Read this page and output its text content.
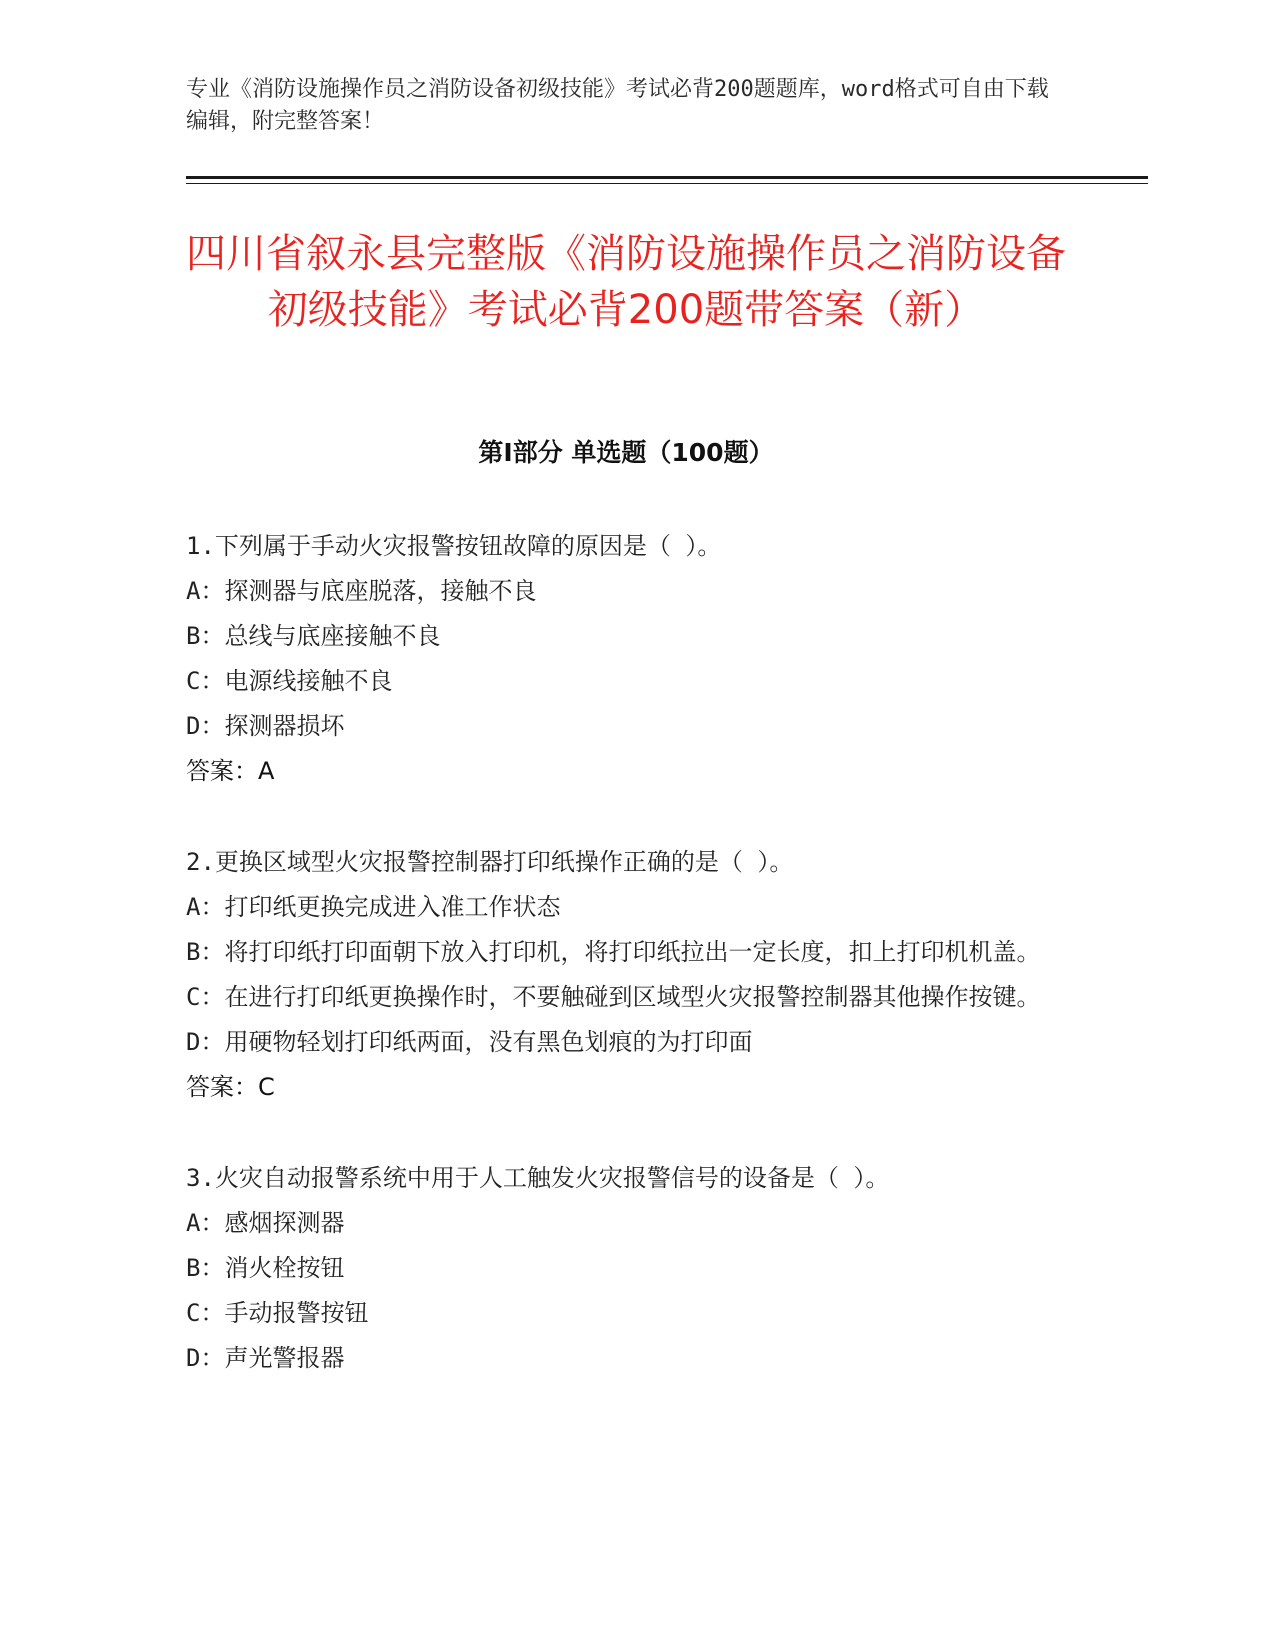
专业《消防设施操作员之消防设备初级技能》考试必背200题题库，word格式可自由下载编辑，附完整答案！
四川省叙永县完整版《消防设施操作员之消防设备初级技能》考试必背200题带答案（新）
第I部分 单选题（100题）

1.下列属于手动火灾报警按钮故障的原因是（ ）。

A：探测器与底座脱落，接触不良

B：总线与底座接触不良

C：电源线接触不良

D：探测器损坏

答案：A

2.更换区域型火灾报警控制器打印纸操作正确的是（ ）。

A：打印纸更换完成进入准工作状态

B：将打印纸打印面朝下放入打印机，将打印纸拉出一定长度，扣上打印机机盖。

C：在进行打印纸更换操作时，不要触碰到区域型火灾报警控制器其他操作按键。

D：用硬物轻划打印纸两面，没有黑色划痕的为打印面

答案：C

3.火灾自动报警系统中用于人工触发火灾报警信号的设备是（ ）。

A：感烟探测器

B：消火栓按钮

C：手动报警按钮

D：声光警报器
